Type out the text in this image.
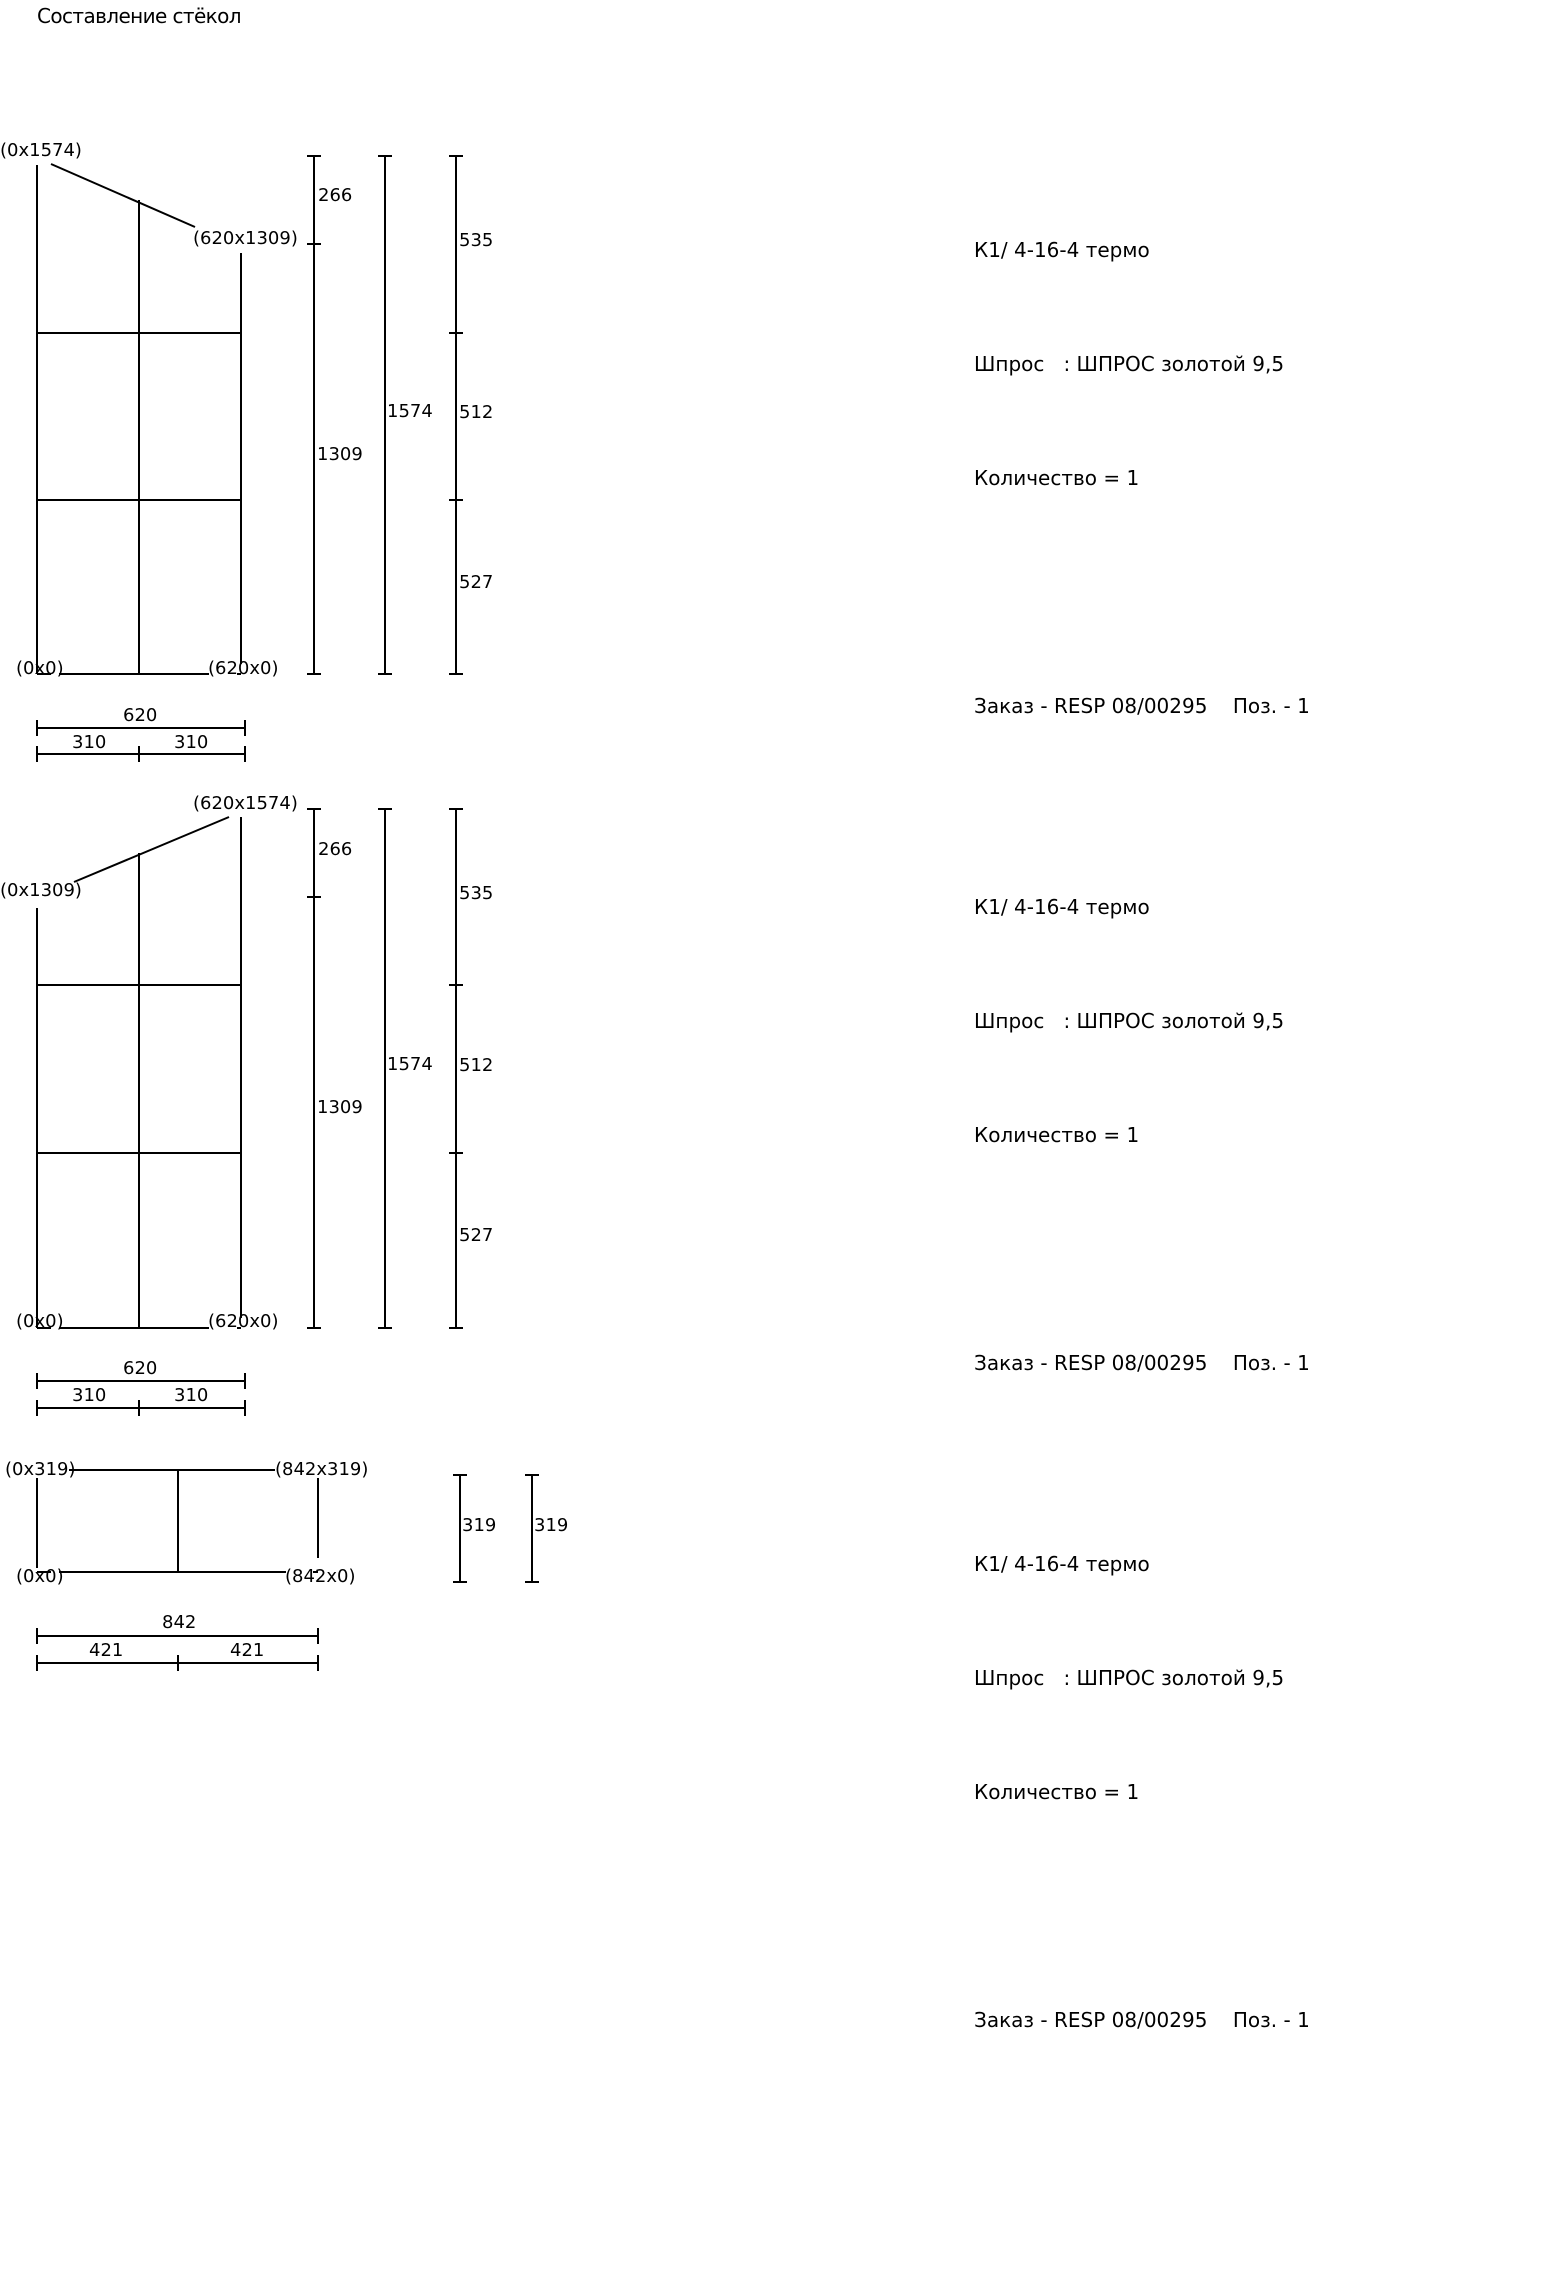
Составление стёкол
(0x1574)
(620x1309)
(0x0)	(620x0)
266
1309
1574
535
512
527
620
310	310
(0x1309)
(620x1574)
(0x0)	(620x0)
266
1309
1574
535
512
527
620
310	310
(0x319)	(842x319)
(0x0)	(842x0)
319 319
842
421	421

К1/ 4-16-4 термо

Шпрос   : ШПРОС золотой 9,5

Количество = 1

Заказ - RESP 08/00295 Поз. - 1

К1/ 4-16-4 термо

Шпрос   : ШПРОС золотой 9,5

Количество = 1

Заказ - RESP 08/00295 Поз. - 1

К1/ 4-16-4 термо

Шпрос   : ШПРОС золотой 9,5

Количество = 1

Заказ - RESP 08/00295 Поз. - 1
